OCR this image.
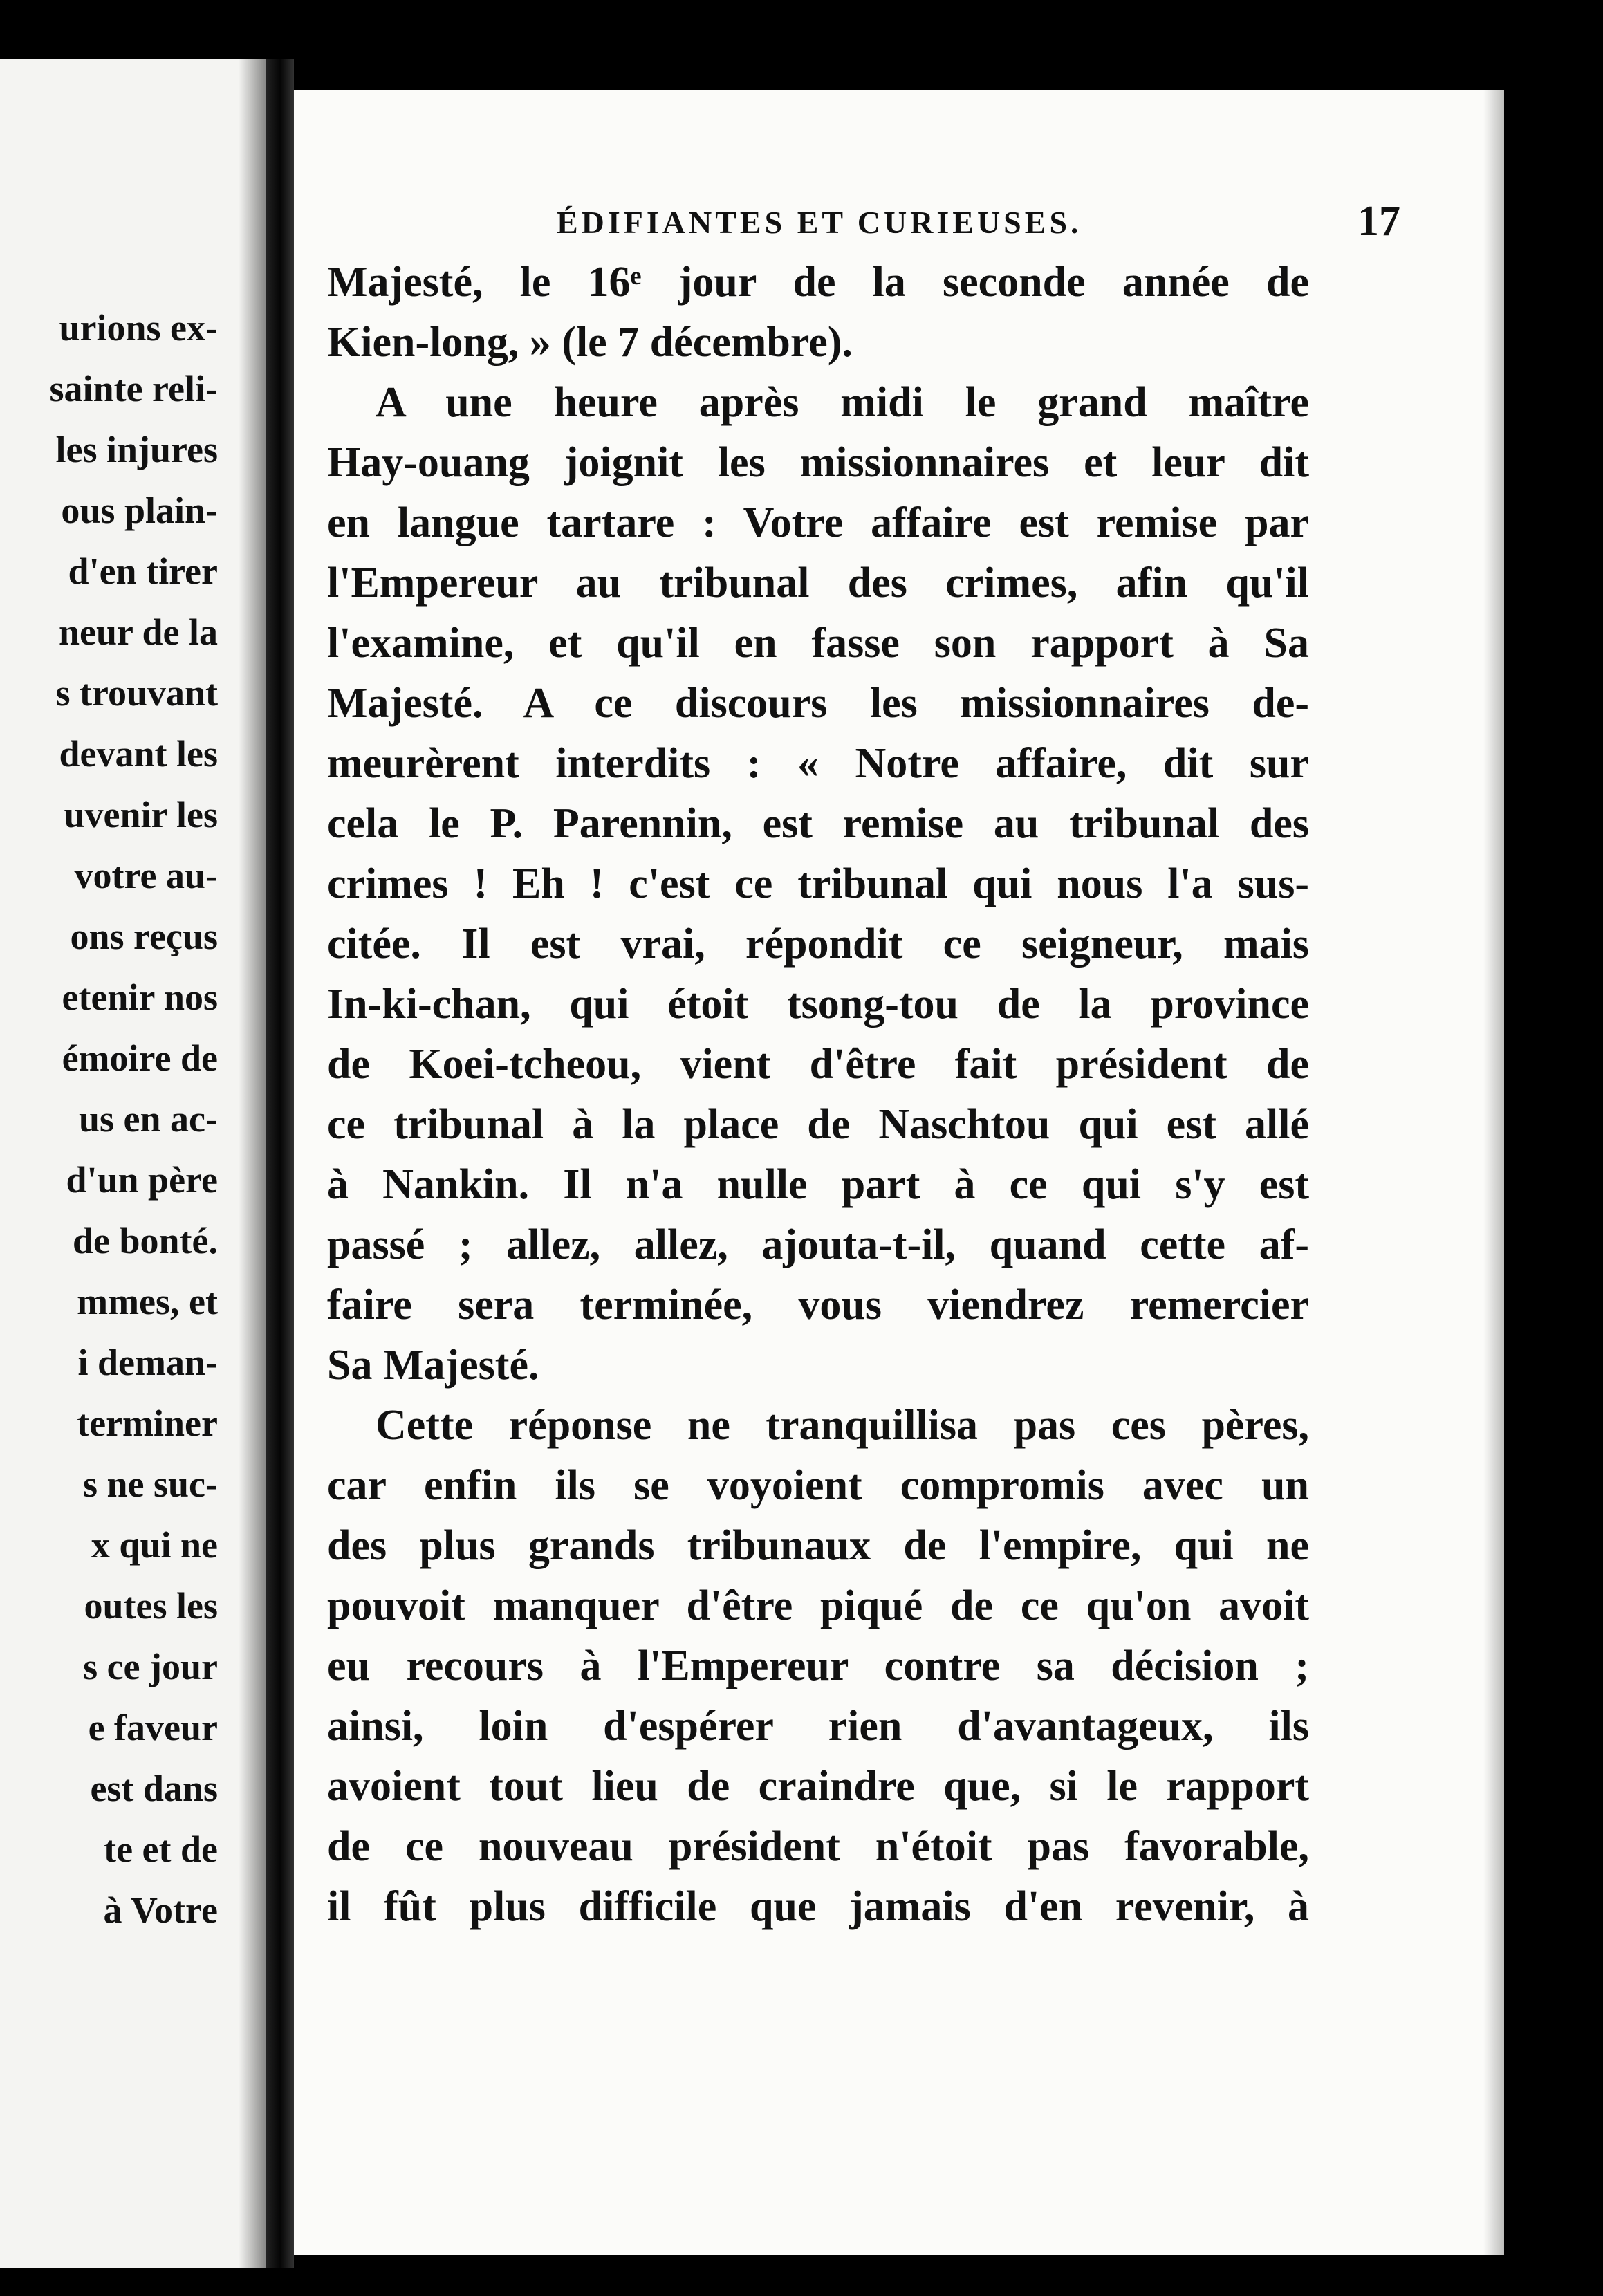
urions ex-
sainte reli-
les injures
ous plain-
d'en tirer
neur de la
s trouvant
devant les
uvenir les
votre au-
ons reçus
etenir nos
émoire de
us en ac-
d'un père
de bonté.
mmes, et
i deman-
terminer
s ne suc-
x qui ne
outes les
s ce jour
e faveur
est dans
te et de
à Votre
ÉDIFIANTES ET CURIEUSES.	17
Majesté, le 16ᵉ jour de la seconde année de
Kien-long, » (le 7 décembre).
A une heure après midi le grand maître
Hay-ouang joignit les missionnaires et leur dit
en langue tartare : Votre affaire est remise par
l'Empereur au tribunal des crimes, afin qu'il
l'examine, et qu'il en fasse son rapport à Sa
Majesté. A ce discours les missionnaires de-
meurèrent interdits : « Notre affaire, dit sur
cela le P. Parennin, est remise au tribunal des
crimes ! Eh ! c'est ce tribunal qui nous l'a sus-
citée. Il est vrai, répondit ce seigneur, mais
In-ki-chan, qui étoit tsong-tou de la province
de Koei-tcheou, vient d'être fait président de
ce tribunal à la place de Naschtou qui est allé
à Nankin. Il n'a nulle part à ce qui s'y est
passé ; allez, allez, ajouta-t-il, quand cette af-
faire sera terminée, vous viendrez remercier
Sa Majesté.
Cette réponse ne tranquillisa pas ces pères,
car enfin ils se voyoient compromis avec un
des plus grands tribunaux de l'empire, qui ne
pouvoit manquer d'être piqué de ce qu'on avoit
eu recours à l'Empereur contre sa décision ;
ainsi, loin d'espérer rien d'avantageux, ils
avoient tout lieu de craindre que, si le rapport
de ce nouveau président n'étoit pas favorable,
il fût plus difficile que jamais d'en revenir, à
